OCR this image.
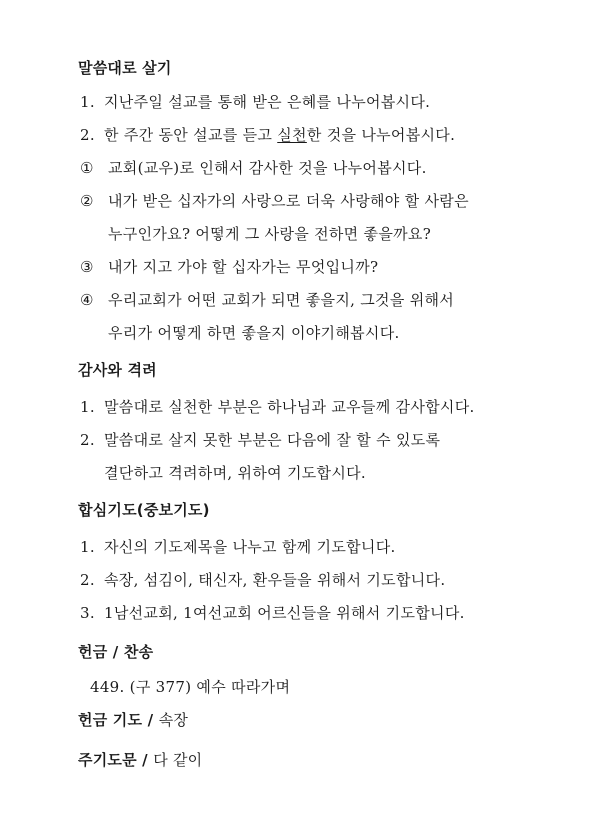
말씀대로 살기
1. 지난주일 설교를 통해 받은 은혜를 나누어봅시다.
2. 한 주간 동안 설교를 듣고 실천한 것을 나누어봅시다.
① 교회(교우)로 인해서 감사한 것을 나누어봅시다.
② 내가 받은 십자가의 사랑으로 더욱 사랑해야 할 사람은
누구인가요? 어떻게 그 사랑을 전하면 좋을까요?
③ 내가 지고 가야 할 십자가는 무엇입니까?
④ 우리교회가 어떤 교회가 되면 좋을지, 그것을 위해서
우리가 어떻게 하면 좋을지 이야기해봅시다.
감사와 격려
1. 말씀대로 실천한 부분은 하나님과 교우들께 감사합시다.
2. 말씀대로 살지 못한 부분은 다음에 잘 할 수 있도록
결단하고 격려하며, 위하여 기도합시다.
합심기도(중보기도)
1. 자신의 기도제목을 나누고 함께 기도합니다.
2. 속장, 섬김이, 태신자, 환우들을 위해서 기도합니다.
3. 1남선교회, 1여선교회 어르신들을 위해서 기도합니다.
헌금 / 찬송
449. (구 377) 예수 따라가며
헌금 기도 / 속장
주기도문 / 다 같이
